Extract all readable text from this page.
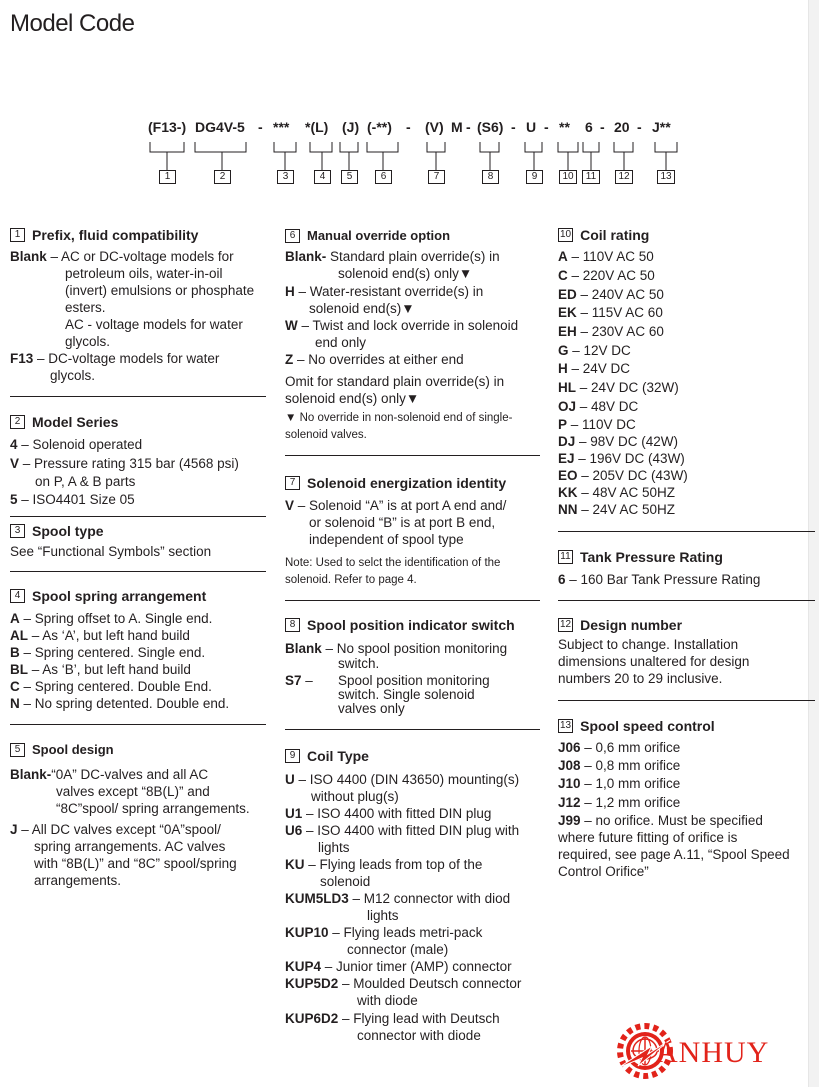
Model Code
(F13-) DG4V-5 - *** *(L) (J) (-**) - (V) M - (S6) - U - ** 6 - 20 - J**
1	2	3	4	5	6	7	8	9	10	11	12	13
1 Prefix, fluid compatibility
Blank – AC or DC-voltage models for
petroleum oils, water-in-oil
(invert) emulsions or phosphate
esters.
AC - voltage models for water
glycols.
F13 – DC-voltage models for water
glycols.
2 Model Series
4 – Solenoid operated
V – Pressure rating 315 bar (4568 psi)
on P, A & B parts
5 – ISO4401 Size 05
3 Spool type
See “Functional Symbols” section
4 Spool spring arrangement
A – Spring offset to A. Single end.
AL – As ‘A’, but left hand build
B – Spring centered. Single end.
BL – As ‘B’, but left hand build
C – Spring centered. Double End.
N – No spring detented. Double end.
5 Spool design
Blank-“0A” DC-valves and all AC
valves except “8B(L)” and
“8C”spool/ spring arrangements.
J – All DC valves except “0A”spool/
spring arrangements. AC valves
with “8B(L)” and “8C” spool/spring
arrangements.
6 Manual override option
Blank- Standard plain override(s) in
solenoid end(s) only▼
H – Water-resistant override(s) in
solenoid end(s)▼
W – Twist and lock override in solenoid
end only
Z – No overrides at either end
Omit for standard plain override(s) in
solenoid end(s) only▼
▼ No override in non-solenoid end of single-
solenoid valves.
7 Solenoid energization identity
V – Solenoid “A” is at port A end and/
or solenoid “B” is at port B end,
independent of spool type
Note: Used to selct the identification of the
solenoid. Refer to page 4.
8 Spool position indicator switch
Blank – No spool position monitoring
switch.
S7 – Spool position monitoring
switch. Single solenoid
valves only
9 Coil Type
U – ISO 4400 (DIN 43650) mounting(s)
without plug(s)
U1 – ISO 4400 with fitted DIN plug
U6 – ISO 4400 with fitted DIN plug with
lights
KU – Flying leads from top of the
solenoid
KUM5LD3 – M12 connector with diod
lights
KUP10 – Flying leads metri-pack
connector (male)
KUP4 – Junior timer (AMP) connector
KUP5D2 – Moulded Deutsch connector
with diode
KUP6D2 – Flying lead with Deutsch
connector with diode
10 Coil rating
A – 110V AC 50
C – 220V AC 50
ED – 240V AC 50
EK – 115V AC 60
EH – 230V AC 60
G – 12V DC
H – 24V DC
HL – 24V DC (32W)
OJ – 48V DC
P – 110V DC
DJ – 98V DC (42W)
EJ – 196V DC (43W)
EO – 205V DC (43W)
KK – 48V AC 50HZ
NN – 24V AC 50HZ
11 Tank Pressure Rating
6 – 160 Bar Tank Pressure Rating
12 Design number
Subject to change. Installation
dimensions unaltered for design
numbers 20 to 29 inclusive.
13 Spool speed control
J06 – 0,6 mm orifice
J08 – 0,8 mm orifice
J10 – 1,0 mm orifice
J12 – 1,2 mm orifice
J99 – no orifice. Must be specified
where future fitting of orifice is
required, see page A.11, “Spool Speed
Control Orifice”
ANHUY
